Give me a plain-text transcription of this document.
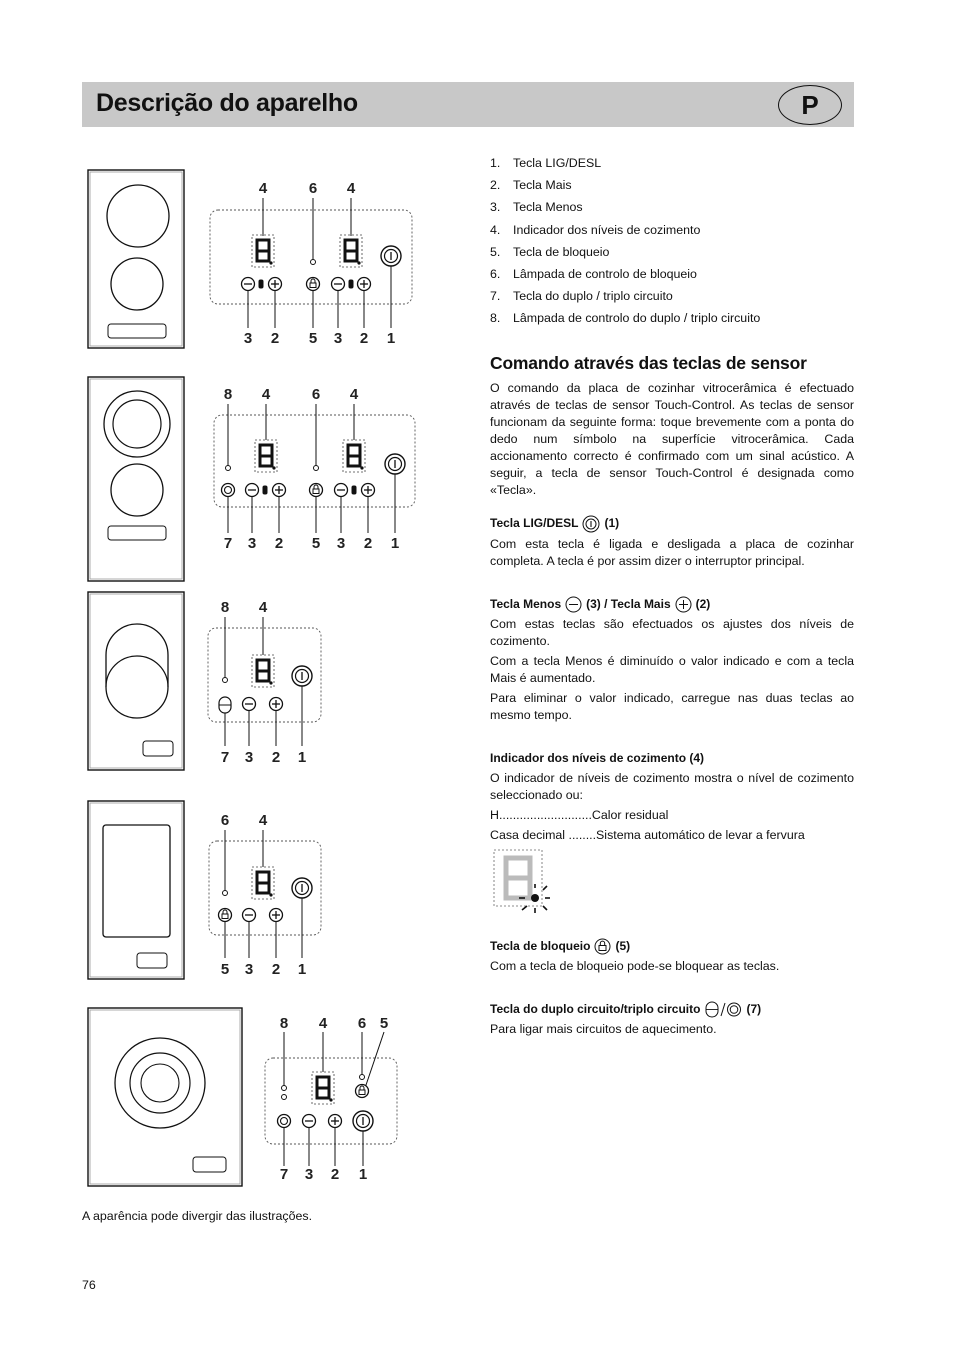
Descrição do aparelho	P
4	6 4
3 2 5 3 2 1
8 4	6 4
7 3 2 5 3 2 1
8 4
7 3 2 1
6 4
5 3 2 1
8 4 6 5
7 3 2 1
1. Tecla LIG/DESL
2. Tecla Mais
3. Tecla Menos
4. Indicador dos níveis de cozimento
5. Tecla de bloqueio
6. Lâmpada de controlo de bloqueio
7. Tecla do duplo / triplo circuito
8. Lâmpada de controlo do duplo / triplo circuito
Comando através das teclas de sensor

O comando da placa de cozinhar vitrocerâmica é efectuado através de teclas de sensor Touch-Control. As teclas de sensor funcionam da seguinte forma: toque brevemente com a ponta do dedo num símbolo na superfície vitrocerâmica. Cada accionamento correcto é confirmado com um sinal acústico. A seguir, a tecla de sensor Touch-Control é designada como «Tecla».

Tecla LIG/DESL (1)

Com esta tecla é ligada e desligada a placa de cozinhar completa. A tecla é por assim dizer o interruptor principal.

Tecla Menos (3) / Tecla Mais (2)

Com estas teclas são efectuados os ajustes dos níveis de cozimento.

Com a tecla Menos é diminuído o valor indicado e com a tecla Mais é aumentado.

Para eliminar o valor indicado, carregue nas duas teclas ao mesmo tempo.

Indicador dos níveis de cozimento (4)

O indicador de níveis de cozimento mostra o nível de cozimento seleccionado ou:

H........................... Calor residual
Casa decimal ........ Sistema automático de levar a fervura
Tecla de bloqueio (5)

Com a tecla de bloqueio pode-se bloquear as teclas.

Tecla do duplo circuito/triplo circuito	(7)

Para ligar mais circuitos de aquecimento.

A aparência pode divergir das ilustrações.
76
